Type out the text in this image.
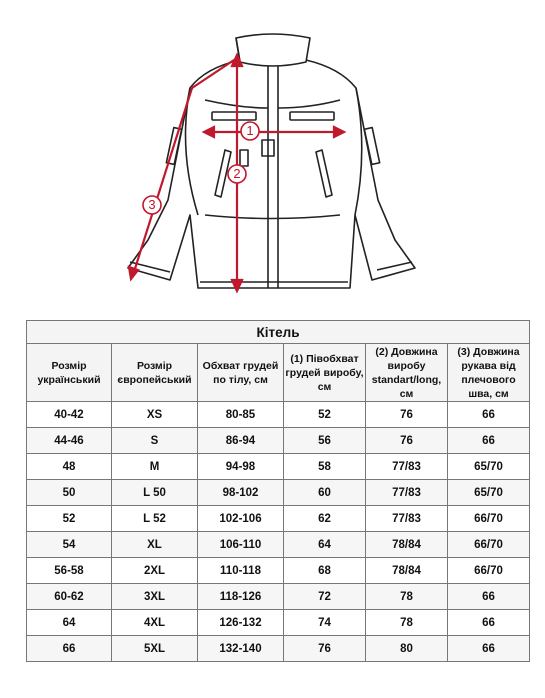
1
2
3
Кітель					
Розмір український	Розмір європейський	Обхват грудей по тілу, см	(1) Півобхват грудей виробу, см	(2) Довжина виробу standart/long, см	(3) Довжина рукава від плечового шва, см
40-42	XS	80-85	52	76	66
44-46	S	86-94	56	76	66
48	M	94-98	58	77/83	65/70
50	L 50	98-102	60	77/83	65/70
52	L 52	102-106	62	77/83	66/70
54	XL	106-110	64	78/84	66/70
56-58	2XL	110-118	68	78/84	66/70
60-62	3XL	118-126	72	78	66
64	4XL	126-132	74	78	66
66	5XL	132-140	76	80	66
